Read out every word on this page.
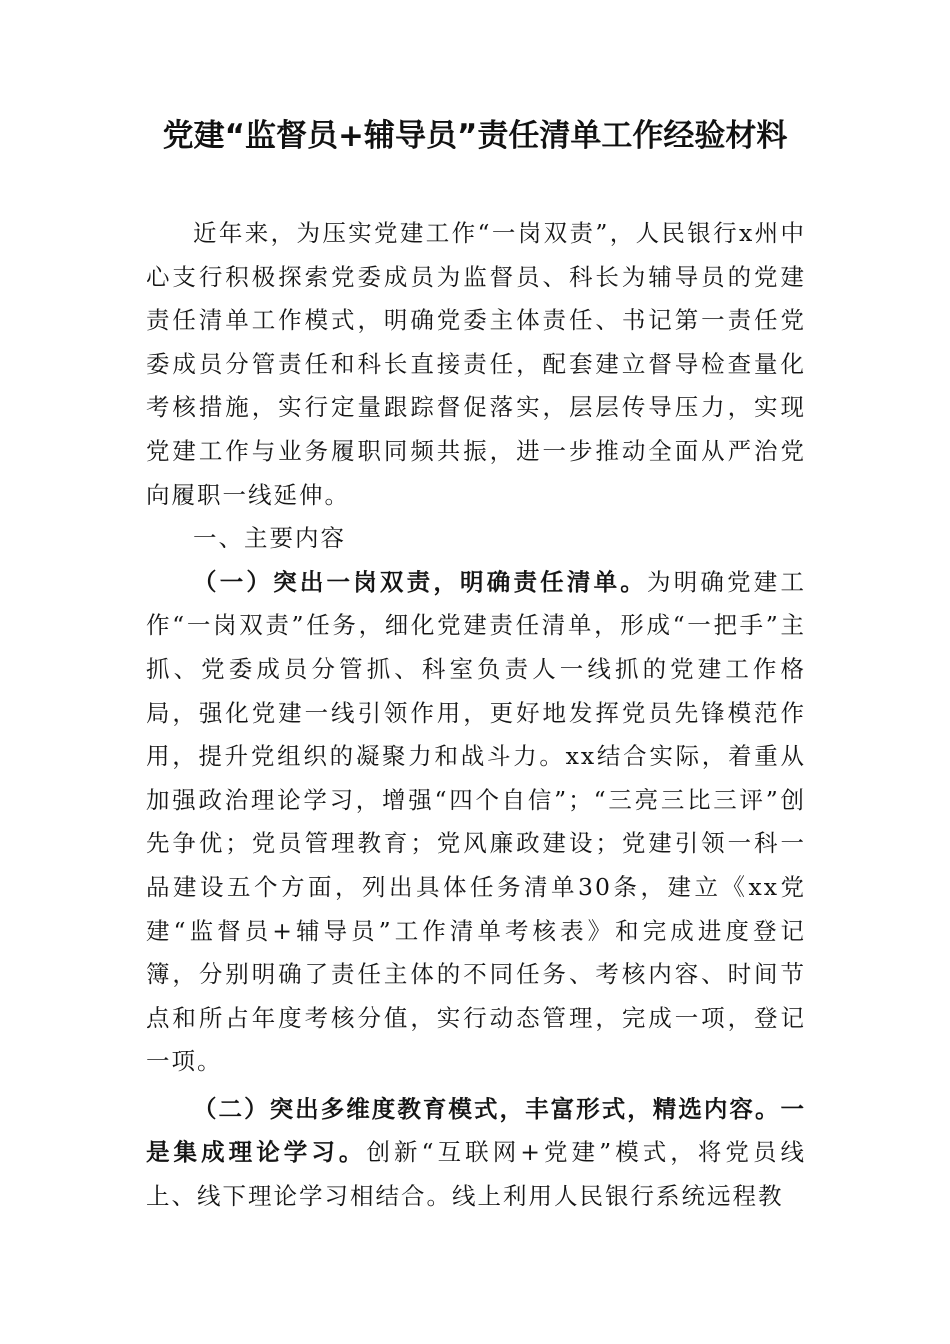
党建“监督员+辅导员”责任清单工作经验材料

近年来，为压实党建工作“一岗双责”，人民银行x州中心支行积极探索党委成员为监督员、科长为辅导员的党建责任清单工作模式，明确党委主体责任、书记第一责任党委成员分管责任和科长直接责任，配套建立督导检查量化考核措施，实行定量跟踪督促落实，层层传导压力，实现党建工作与业务履职同频共振，进一步推动全面从严治党向履职一线延伸。

一、主要内容

（一）突出一岗双责，明确责任清单。为明确党建工作“一岗双责”任务，细化党建责任清单，形成“一把手”主抓、党委成员分管抓、科室负责人一线抓的党建工作格局，强化党建一线引领作用，更好地发挥党员先锋模范作用，提升党组织的凝聚力和战斗力。xx结合实际，着重从加强政治理论学习，增强“四个自信”；“三亮三比三评”创先争优；党员管理教育；党风廉政建设；党建引领一科一品建设五个方面，列出具体任务清单30条，建立《xx党建“监督员+辅导员”工作清单考核表》和完成进度登记簿，分别明确了责任主体的不同任务、考核内容、时间节点和所占年度考核分值，实行动态管理，完成一项，登记一项。

（二）突出多维度教育模式，丰富形式，精选内容。一是集成理论学习。创新“互联网+党建”模式，将党员线上、线下理论学习相结合。线上利用人民银行系统远程教
